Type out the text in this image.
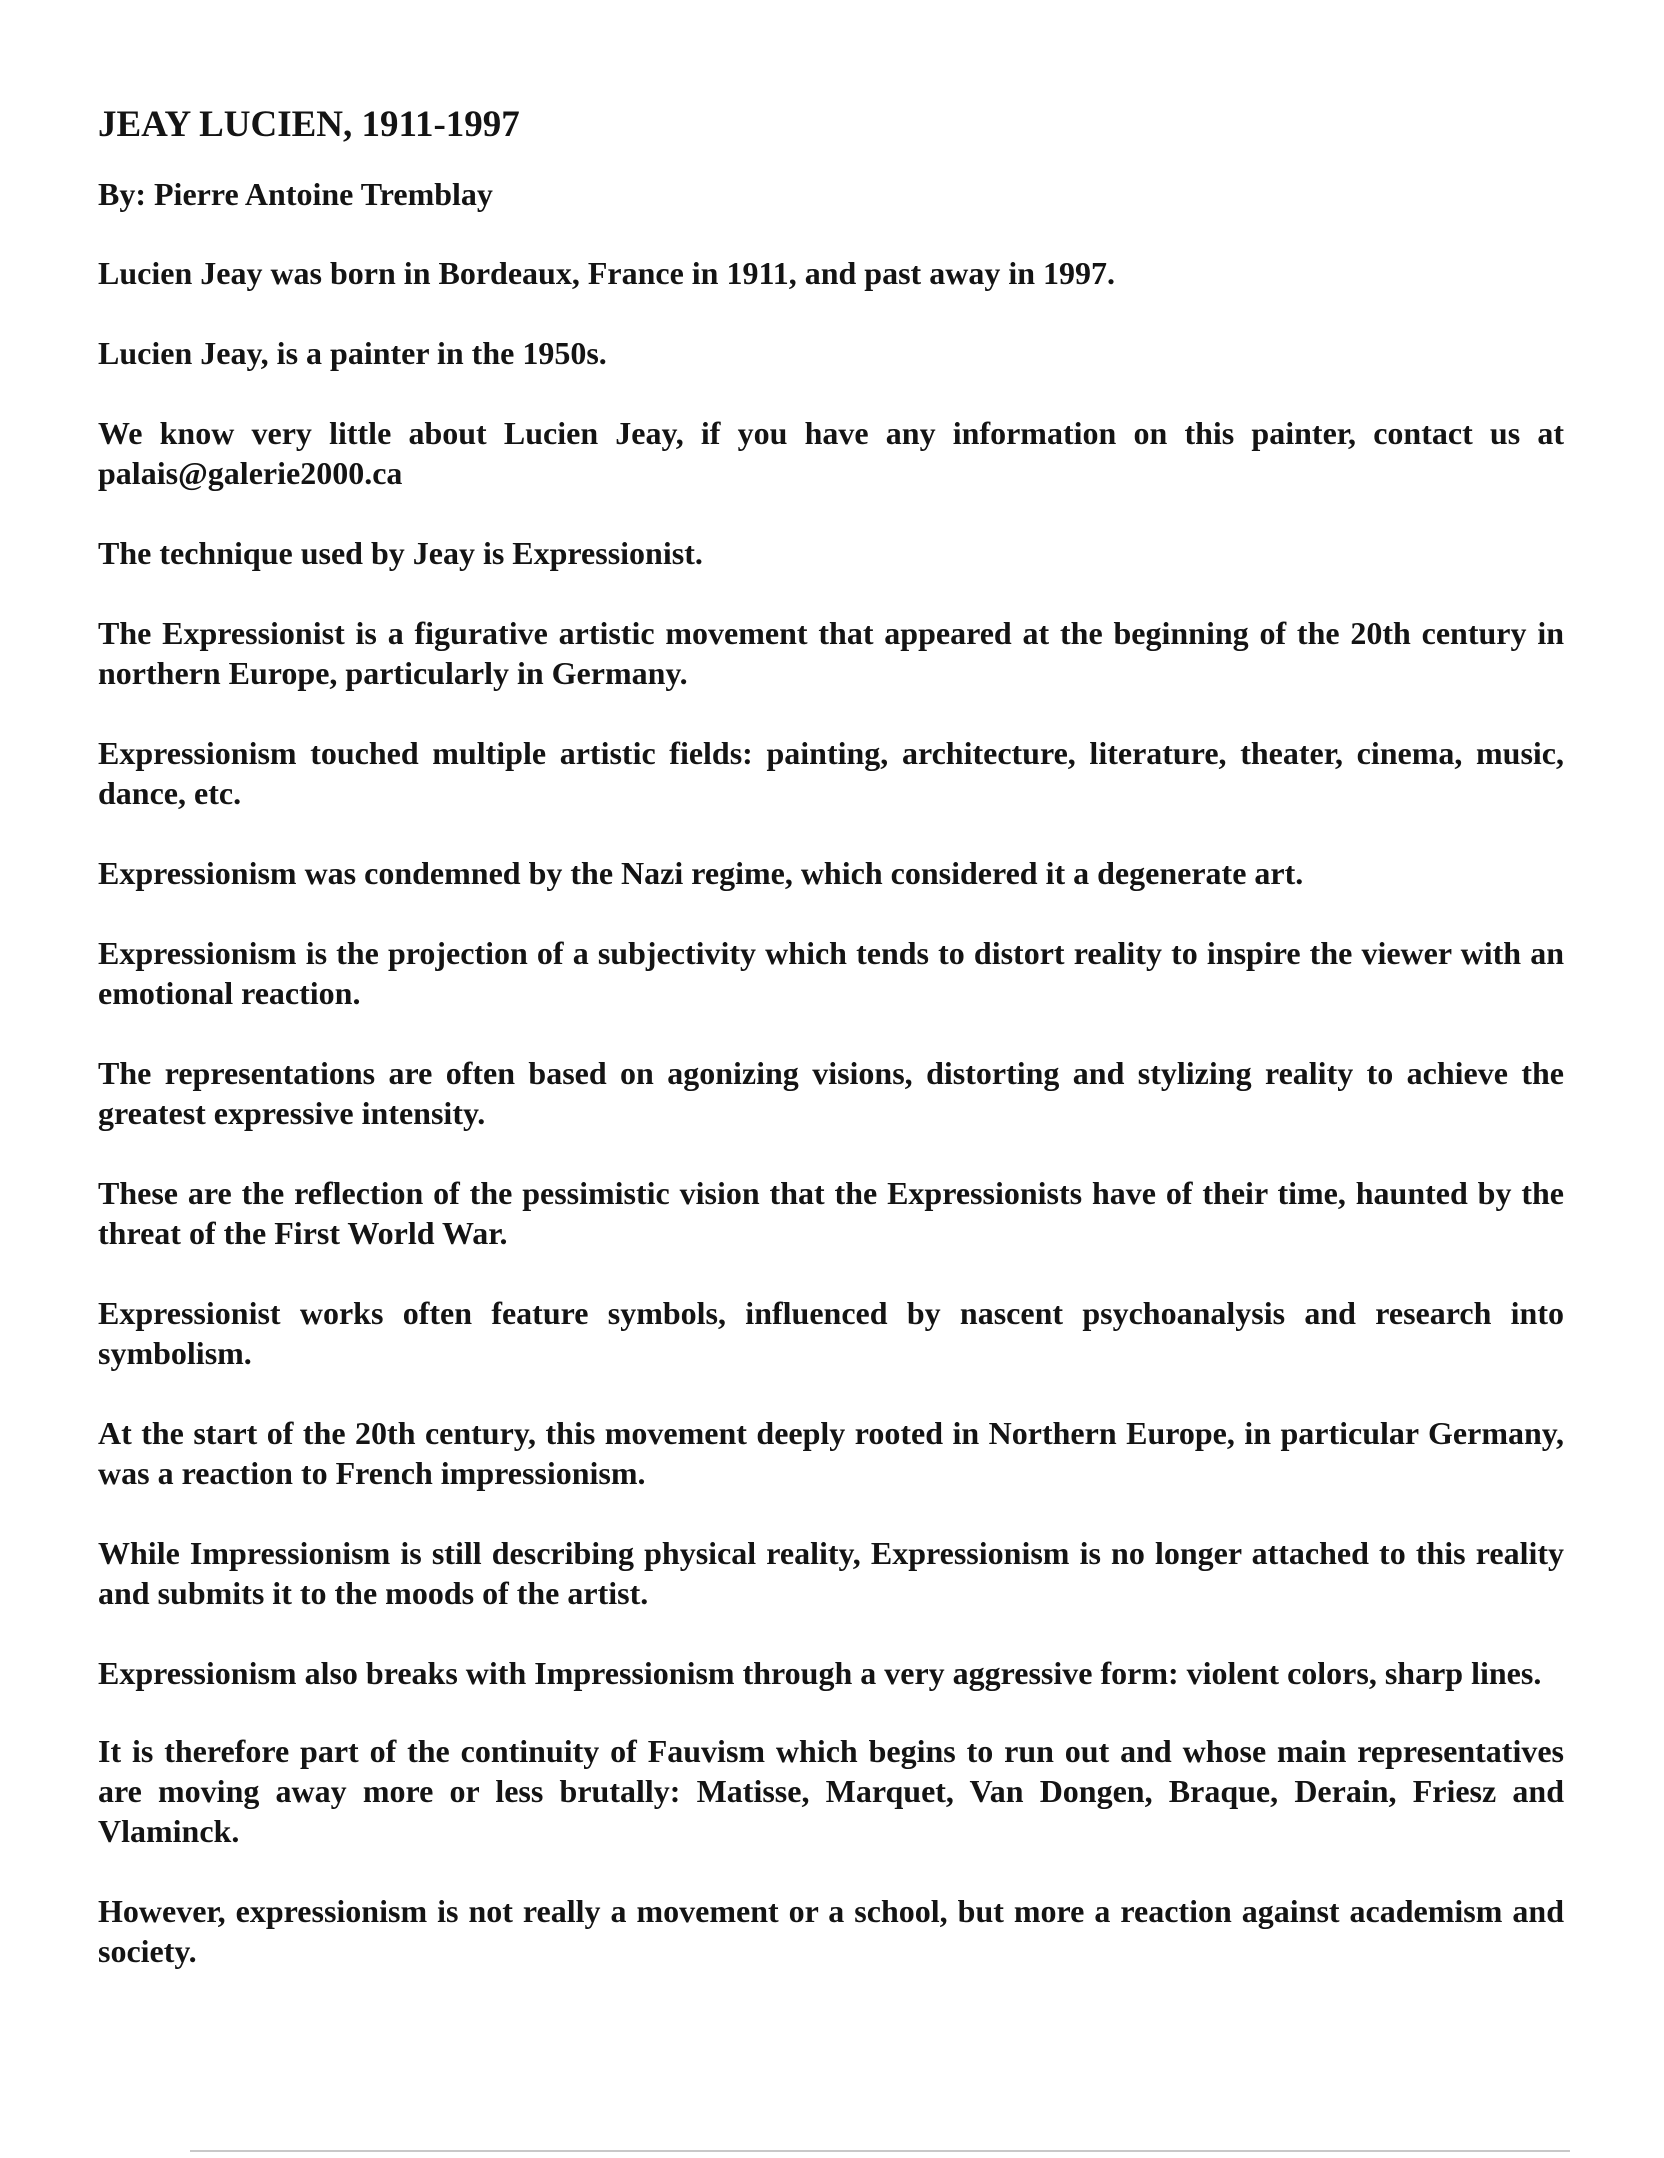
JEAY LUCIEN, 1911-1997

By: Pierre Antoine Tremblay

Lucien Jeay was born in Bordeaux, France in 1911, and past away in 1997.

Lucien Jeay, is a painter in the 1950s.

We know very little about Lucien Jeay, if you have any information on this painter, contact us at palais@galerie2000.ca

The technique used by Jeay is Expressionist.

The Expressionist is a figurative artistic movement that appeared at the beginning of the 20th century in northern Europe, particularly in Germany.

Expressionism touched multiple artistic fields: painting, architecture, literature, theater, cinema, music, dance, etc.

Expressionism was condemned by the Nazi regime, which considered it a degenerate art.

Expressionism is the projection of a subjectivity which tends to distort reality to inspire the viewer with an emotional reaction.

The representations are often based on agonizing visions, distorting and stylizing reality to achieve the greatest expressive intensity.

These are the reflection of the pessimistic vision that the Expressionists have of their time, haunted by the threat of the First World War.

Expressionist works often feature symbols, influenced by nascent psychoanalysis and research into symbolism.

At the start of the 20th century, this movement deeply rooted in Northern Europe, in particular Germany, was a reaction to French impressionism.

While Impressionism is still describing physical reality, Expressionism is no longer attached to this reality and submits it to the moods of the artist.

Expressionism also breaks with Impressionism through a very aggressive form: violent colors, sharp lines.

It is therefore part of the continuity of Fauvism which begins to run out and whose main representatives are moving away more or less brutally: Matisse, Marquet, Van Dongen, Braque, Derain, Friesz and Vlaminck.

However, expressionism is not really a movement or a school, but more a reaction against academism and society.
